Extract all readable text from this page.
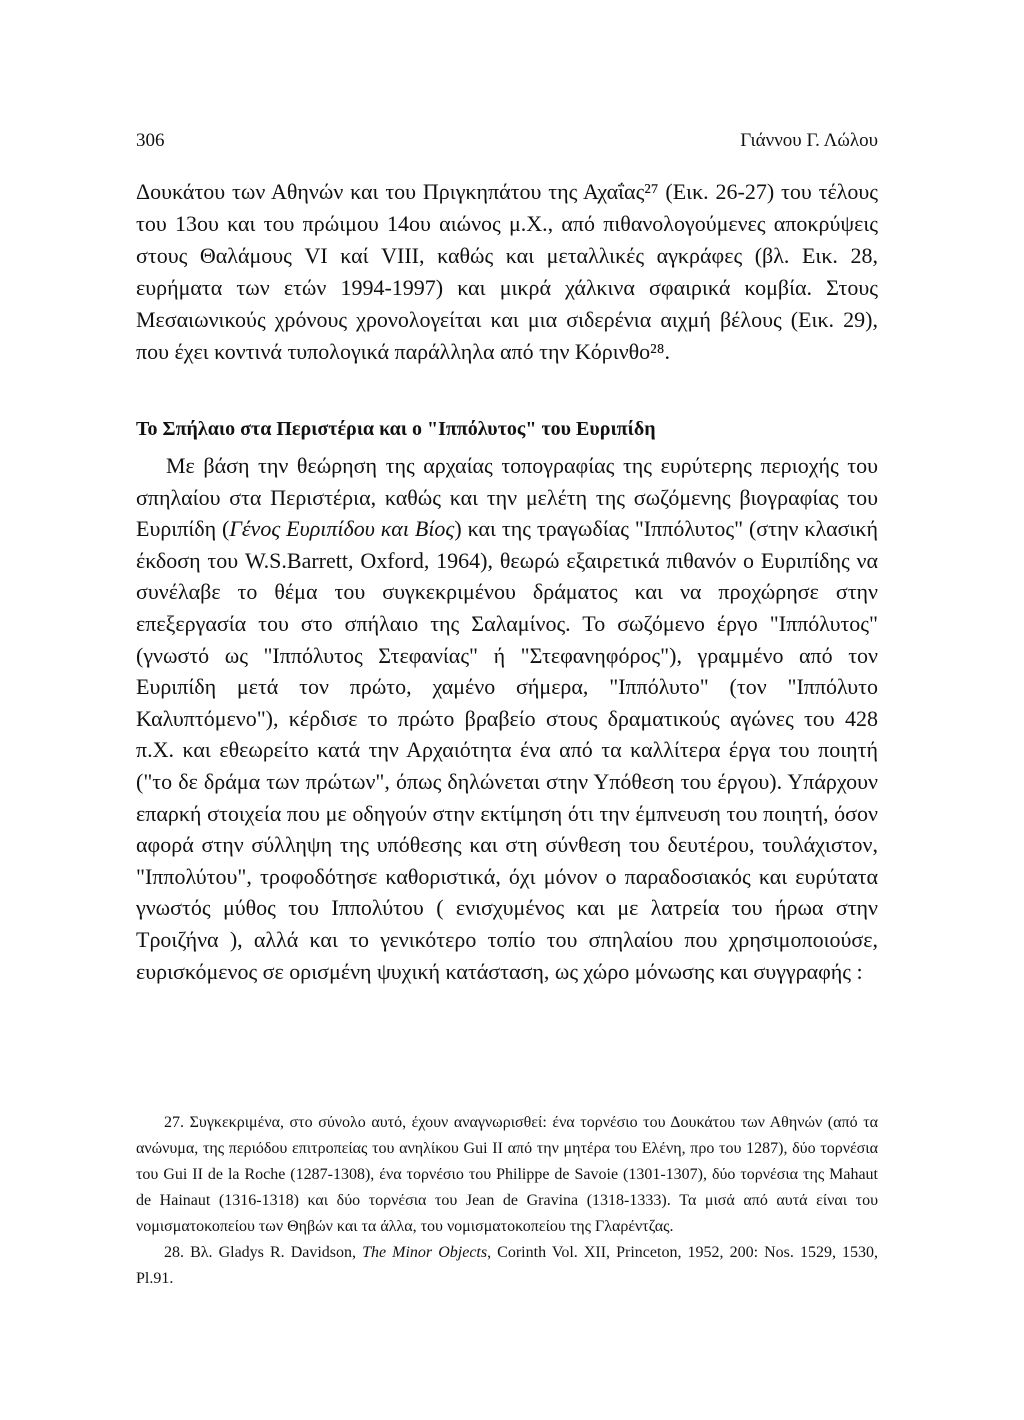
306	Γιάννου Γ. Λώλου

Δουκάτου των Αθηνών και του Πριγκηπάτου της Αχαΐας²⁷ (Εικ. 26-27) του τέλους του 13ου και του πρώιμου 14ου αιώνος μ.Χ., από πιθανολογούμενες αποκρύψεις στους Θαλάμους VI καί VIII, καθώς και μεταλλικές αγκράφες (βλ. Εικ. 28, ευρήματα των ετών 1994-1997) και μικρά χάλκινα σφαιρικά κομβία. Στους Μεσαιωνικούς χρόνους χρονολογείται και μια σιδερένια αιχμή βέλους (Εικ. 29), που έχει κοντινά τυπολογικά παράλληλα από την Κόρινθο²⁸.

Το Σπήλαιο στα Περιστέρια και ο "Ιππόλυτος" του Ευριπίδη

Με βάση την θεώρηση της αρχαίας τοπογραφίας της ευρύτερης περιοχής του σπηλαίου στα Περιστέρια, καθώς και την μελέτη της σωζόμενης βιογραφίας του Ευριπίδη (Γένος Ευριπίδου και Βίος) και της τραγωδίας "Ιππόλυτος" (στην κλασική έκδοση του W.S.Barrett, Oxford, 1964), θεωρώ εξαιρετικά πιθανόν ο Ευριπίδης να συνέλαβε το θέμα του συγκεκριμένου δράματος και να προχώρησε στην επεξεργασία του στο σπήλαιο της Σαλαμίνος. Το σωζόμενο έργο "Ιππόλυτος" (γνωστό ως "Ιππόλυτος Στεφανίας" ή "Στεφανηφόρος"), γραμμένο από τον Ευριπίδη μετά τον πρώτο, χαμένο σήμερα, "Ιππόλυτο" (τον "Ιππόλυτο Καλυπτόμενο"), κέρδισε το πρώτο βραβείο στους δραματικούς αγώνες του 428 π.Χ. και εθεωρείτο κατά την Αρχαιότητα ένα από τα καλλίτερα έργα του ποιητή ("το δε δράμα των πρώτων", όπως δηλώνεται στην Υπόθεση του έργου). Υπάρχουν επαρκή στοιχεία που με οδηγούν στην εκτίμηση ότι την έμπνευση του ποιητή, όσον αφορά στην σύλληψη της υπόθεσης και στη σύνθεση του δευτέρου, τουλάχιστον, "Ιππολύτου", τροφοδότησε καθοριστικά, όχι μόνον ο παραδοσιακός και ευρύτατα γνωστός μύθος του Ιππολύτου ( ενισχυμένος και με λατρεία του ήρωα στην Τροιζήνα ), αλλά και το γενικότερο τοπίο του σπηλαίου που χρησιμοποιούσε, ευρισκόμενος σε ορισμένη ψυχική κατάσταση, ως χώρο μόνωσης και συγγραφής :

27. Συγκεκριμένα, στο σύνολο αυτό, έχουν αναγνωρισθεί: ένα τορνέσιο του Δουκάτου των Αθηνών (από τα ανώνυμα, της περιόδου επιτροπείας του ανηλίκου Gui II από την μητέρα του Ελένη, προ του 1287), δύο τορνέσια του Gui II de la Roche (1287-1308), ένα τορνέσιο του Philippe de Savoie (1301-1307), δύο τορνέσια της Mahaut de Hainaut (1316-1318) και δύο τορνέσια του Jean de Gravina (1318-1333). Τα μισά από αυτά είναι του νομισματοκοπείου των Θηβών και τα άλλα, του νομισματοκοπείου της Γλαρέντζας.

28. Βλ. Gladys R. Davidson, The Minor Objects, Corinth Vol. XII, Princeton, 1952, 200: Nos. 1529, 1530, Pl.91.
